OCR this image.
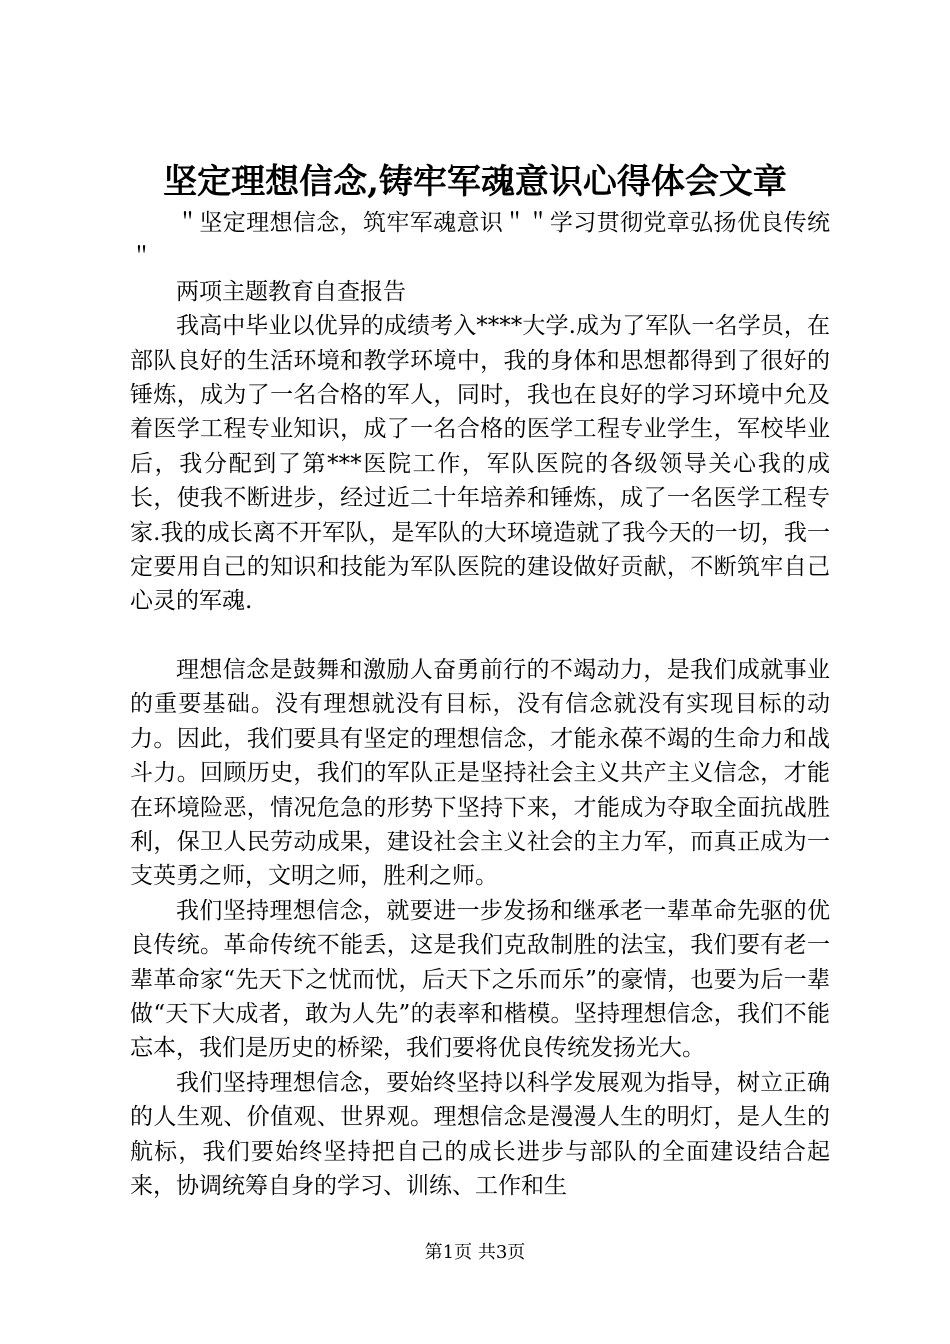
坚定理想信念,铸牢军魂意识心得体会文章

＂坚定理想信念，筑牢军魂意识＂＂学习贯彻党章弘扬优良传统＂

两项主题教育自查报告

我高中毕业以优异的成绩考入****大学.成为了军队一名学员，在部队良好的生活环境和教学环境中，我的身体和思想都得到了很好的锤炼，成为了一名合格的军人，同时，我也在良好的学习环境中允及着医学工程专业知识，成了一名合格的医学工程专业学生，军校毕业后，我分配到了第***医院工作，军队医院的各级领导关心我的成长，使我不断进步，经过近二十年培养和锤炼，成了一名医学工程专家.我的成长离不开军队，是军队的大环境造就了我今天的一切，我一定要用自己的知识和技能为军队医院的建设做好贡献，不断筑牢自己心灵的军魂.

理想信念是鼓舞和激励人奋勇前行的不竭动力，是我们成就事业的重要基础。没有理想就没有目标，没有信念就没有实现目标的动力。因此，我们要具有坚定的理想信念，才能永葆不竭的生命力和战斗力。回顾历史，我们的军队正是坚持社会主义共产主义信念，才能在环境险恶，情况危急的形势下坚持下来，才能成为夺取全面抗战胜利，保卫人民劳动成果，建设社会主义社会的主力军，而真正成为一支英勇之师，文明之师，胜利之师。

我们坚持理想信念，就要进一步发扬和继承老一辈革命先驱的优良传统。革命传统不能丢，这是我们克敌制胜的法宝，我们要有老一辈革命家“先天下之忧而忧，后天下之乐而乐”的豪情，也要为后一辈做“天下大成者，敢为人先”的表率和楷模。坚持理想信念，我们不能忘本，我们是历史的桥梁，我们要将优良传统发扬光大。

我们坚持理想信念，要始终坚持以科学发展观为指导，树立正确的人生观、价值观、世界观。理想信念是漫漫人生的明灯，是人生的航标，我们要始终坚持把自己的成长进步与部队的全面建设结合起来，协调统筹自身的学习、训练、工作和生

第1页 共3页
